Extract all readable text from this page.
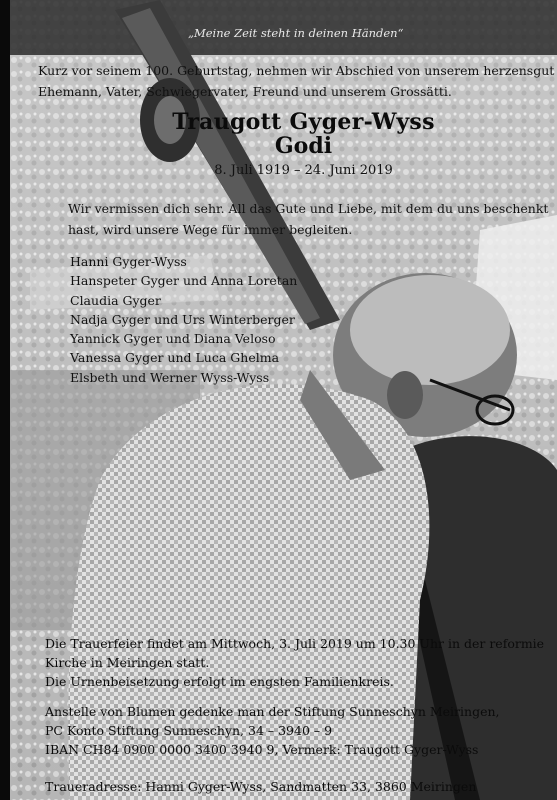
„Meine Zeit steht in deinen Händen“
Kurz vor seinem 100. Geburtstag, nehmen wir Abschied von unserem herzensgut
Ehemann, Vater, Schwiegervater, Freund und unserem Grossätti.
Traugott Gyger-Wyss
Godi
8. Juli 1919 – 24. Juni 2019
Wir vermissen dich sehr. All das Gute und Liebe, mit dem du uns beschenkt
hast, wird unsere Wege für immer begleiten.
Hanni Gyger-Wyss
Hanspeter Gyger und Anna Loretan
Claudia Gyger
Nadja Gyger und Urs Winterberger
Yannick Gyger und Diana Veloso
Vanessa Gyger und Luca Ghelma
Elsbeth und Werner Wyss-Wyss
Die Trauerfeier findet am Mittwoch, 3. Juli 2019 um 10.30 Uhr in der reformie
Kirche in Meiringen statt.
Die Urnenbeisetzung erfolgt im engsten Familienkreis.
Anstelle von Blumen gedenke man der Stiftung Sunneschyn Meiringen,
PC Konto Stiftung Sunneschyn, 34 – 3940 – 9
IBAN CH84 0900 0000 3400 3940 9, Vermerk: Traugott Gyger-Wyss
Traueradresse: Hanni Gyger-Wyss, Sandmatten 33, 3860 Meiringen
